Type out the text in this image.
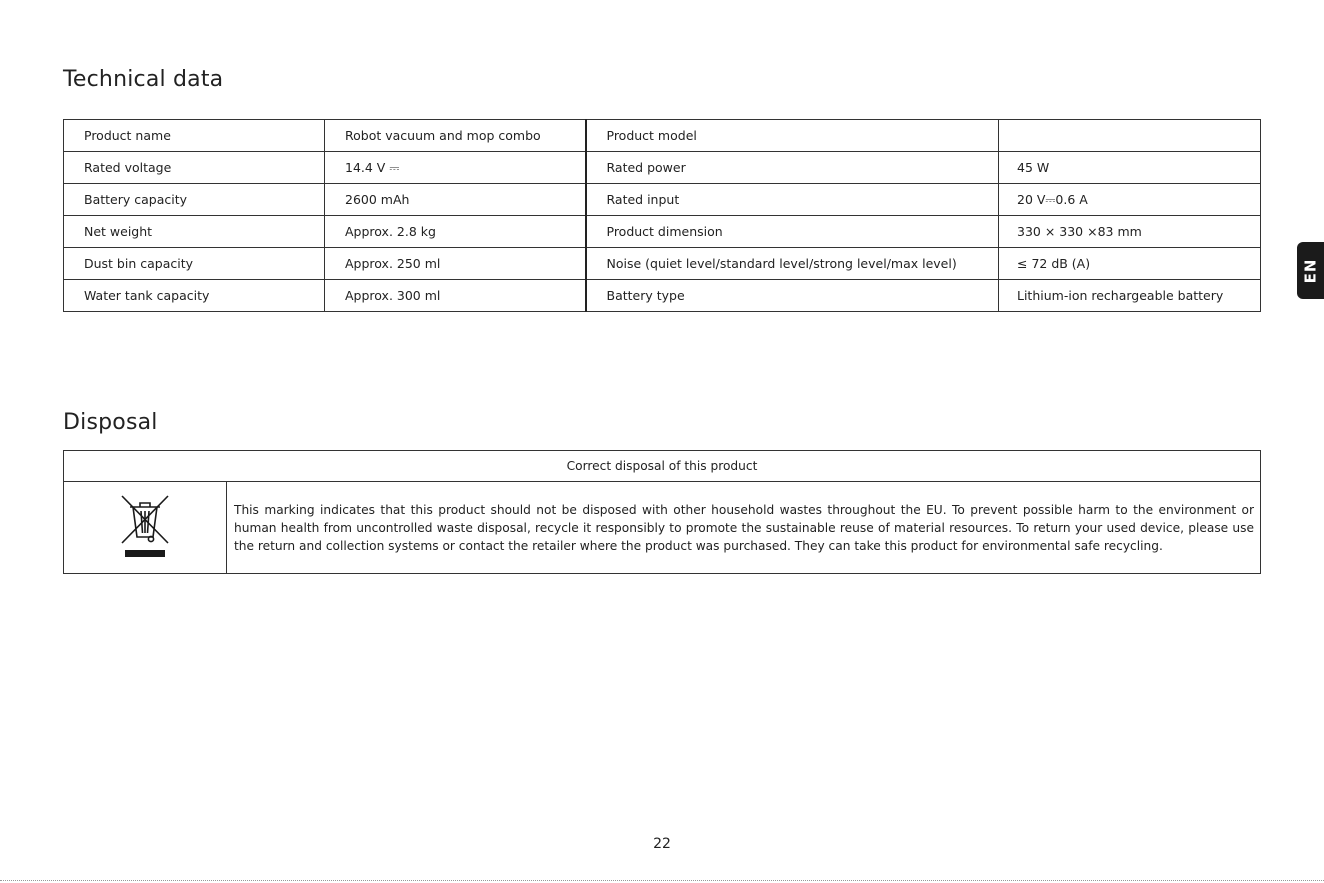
Technical data
Product name	Robot vacuum and mop combo	Product model	
Rated voltage	14.4 V ⎓	Rated power	45 W
Battery capacity	2600 mAh	Rated input	20 V⎓0.6 A
Net weight	Approx. 2.8 kg	Product dimension	330 × 330 ×83 mm
Dust bin capacity	Approx. 250 ml	Noise (quiet level/standard level/strong level/max level)	≤ 72 dB (A)
Water tank capacity	Approx. 300 ml	Battery type	Lithium-ion rechargeable battery
Disposal
Correct disposal of this product
	This marking indicates that this product should not be disposed with other household wastes throughout the EU. To prevent possible harm to the environment or human health from uncontrolled waste disposal, recycle it responsibly to promote the sustainable reuse of material resources. To return your used device, please use the return and collection systems or contact the retailer where the product was purchased. They can take this product for environmental safe recycling.
EN
22
